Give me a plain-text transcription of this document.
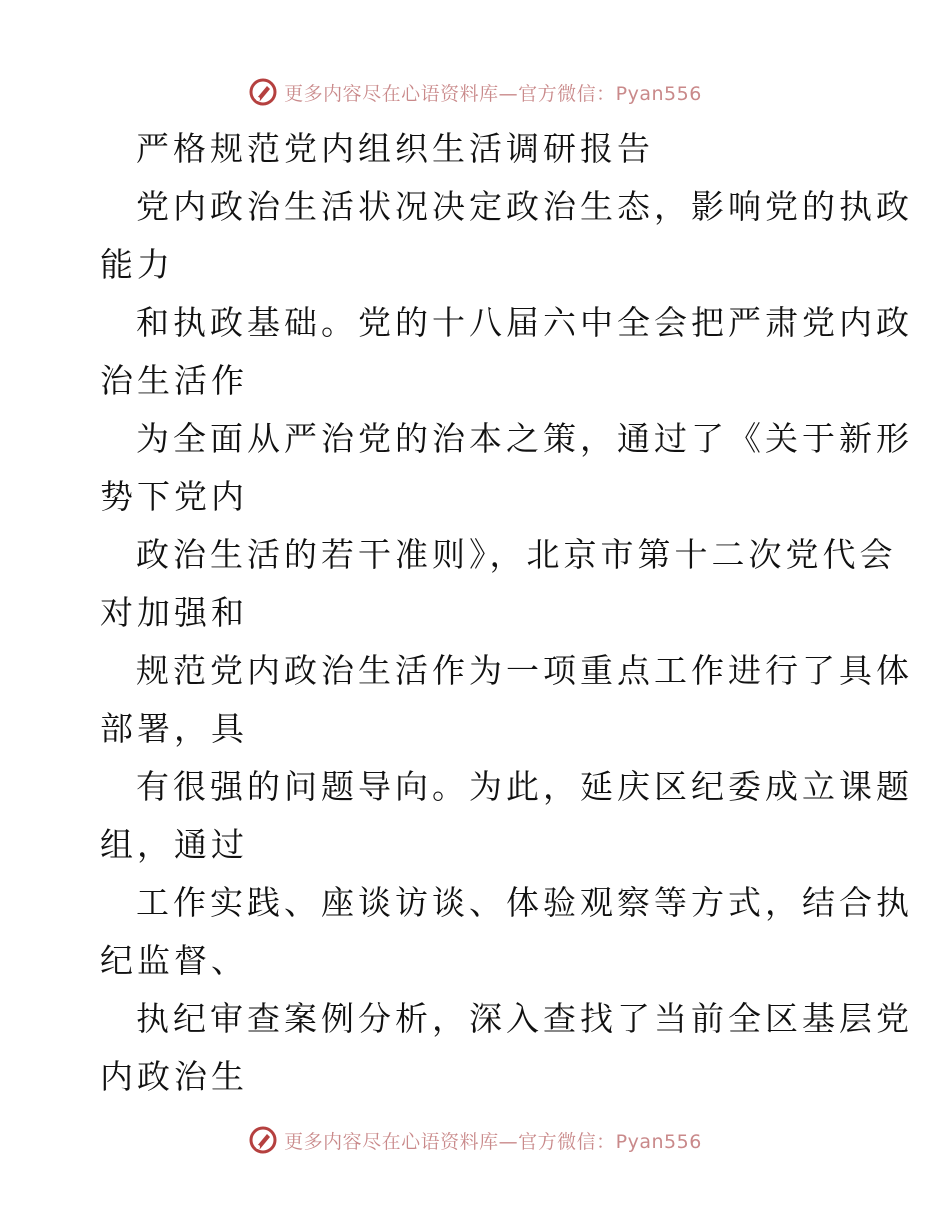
更多内容尽在心语资料库—官方微信：Pyan556
严格规范党内组织生活调研报告
党内政治生活状况决定政治生态，影响党的执政
能力
和执政基础。党的十八届六中全会把严肃党内政
治生活作
为全面从严治党的治本之策，通过了《关于新形
势下党内
政治生活的若干准则》，北京市第十二次党代会
对加强和
规范党内政治生活作为一项重点工作进行了具体
部署，具
有很强的问题导向。为此，延庆区纪委成立课题
组，通过
工作实践、座谈访谈、体验观察等方式，结合执
纪监督、
执纪审查案例分析，深入查找了当前全区基层党
内政治生
更多内容尽在心语资料库—官方微信：Pyan556
